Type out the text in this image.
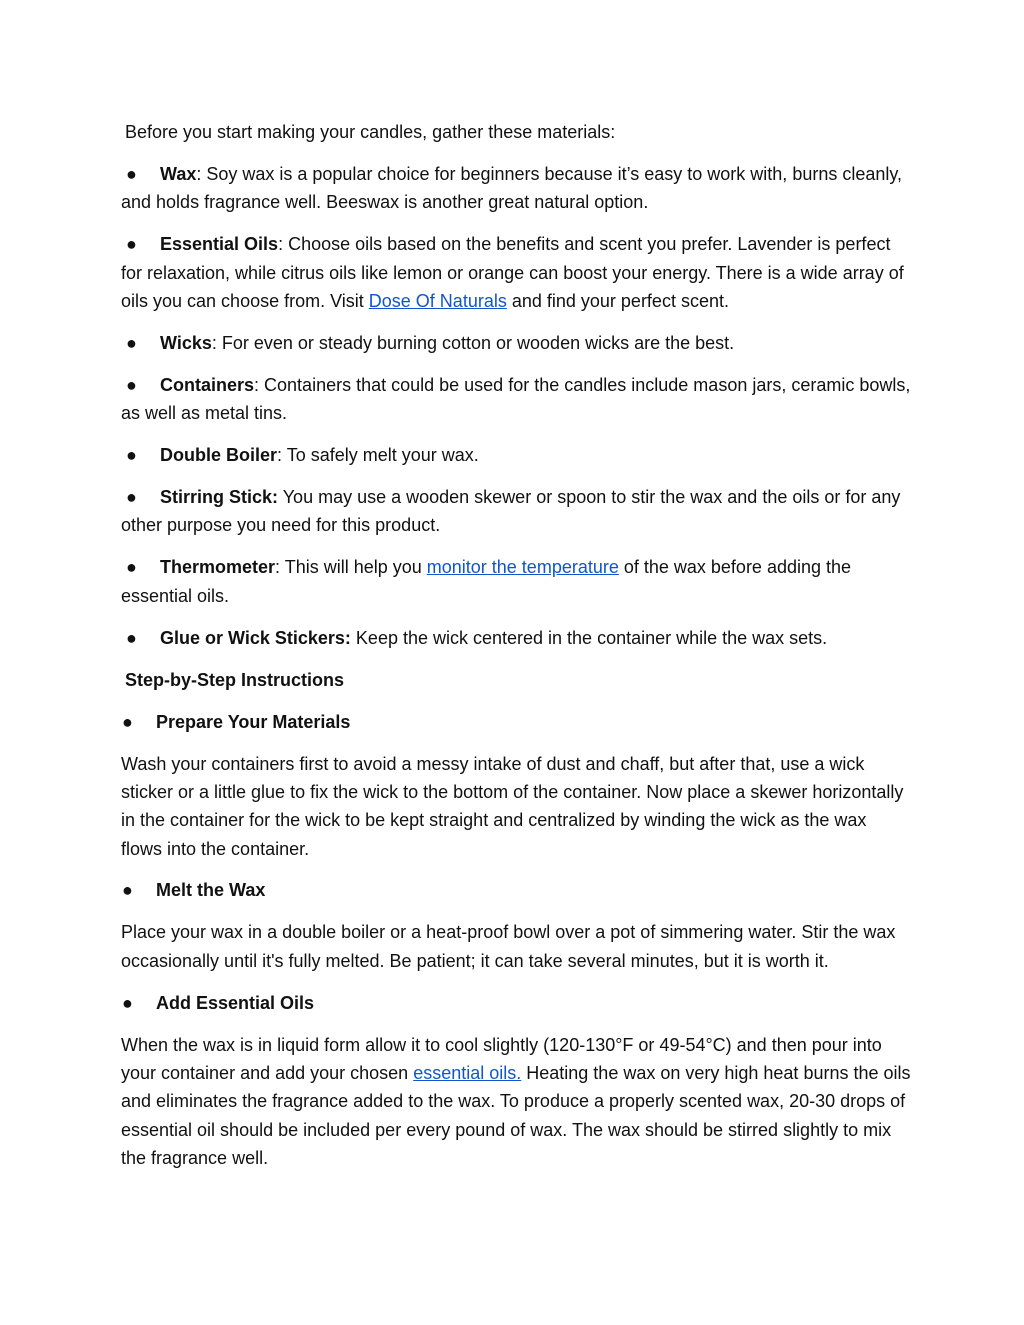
Before you start making your candles, gather these materials:

● Wax: Soy wax is a popular choice for beginners because it’s easy to work with, burns cleanly, and holds fragrance well. Beeswax is another great natural option.

● Essential Oils: Choose oils based on the benefits and scent you prefer. Lavender is perfect for relaxation, while citrus oils like lemon or orange can boost your energy. There is a wide array of oils you can choose from. Visit Dose Of Naturals and find your perfect scent.

● Wicks: For even or steady burning cotton or wooden wicks are the best.

● Containers: Containers that could be used for the candles include mason jars, ceramic bowls, as well as metal tins.

● Double Boiler: To safely melt your wax.

● Stirring Stick: You may use a wooden skewer or spoon to stir the wax and the oils or for any other purpose you need for this product.

● Thermometer: This will help you monitor the temperature of the wax before adding the essential oils.

● Glue or Wick Stickers: Keep the wick centered in the container while the wax sets.

Step-by-Step Instructions

● Prepare Your Materials

Wash your containers first to avoid a messy intake of dust and chaff, but after that, use a wick sticker or a little glue to fix the wick to the bottom of the container. Now place a skewer horizontally in the container for the wick to be kept straight and centralized by winding the wick as the wax flows into the container.

● Melt the Wax

Place your wax in a double boiler or a heat-proof bowl over a pot of simmering water. Stir the wax occasionally until it's fully melted. Be patient; it can take several minutes, but it is worth it.

● Add Essential Oils

When the wax is in liquid form allow it to cool slightly (120-130°F or 49-54°C) and then pour into your container and add your chosen essential oils. Heating the wax on very high heat burns the oils and eliminates the fragrance added to the wax. To produce a properly scented wax, 20-30 drops of essential oil should be included per every pound of wax. The wax should be stirred slightly to mix the fragrance well.
